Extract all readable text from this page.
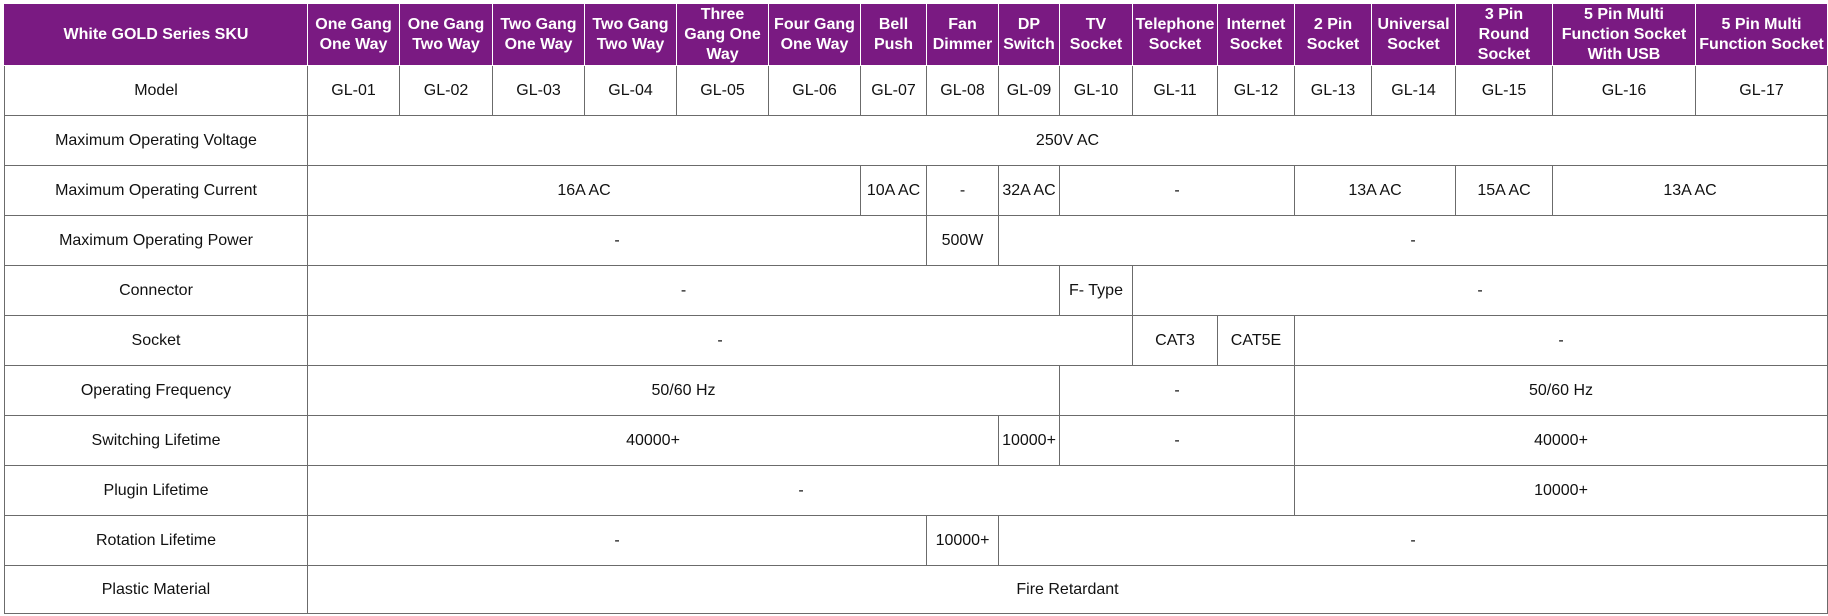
White GOLD Series SKU	One Gang One Way	One Gang Two Way	Two Gang One Way	Two Gang Two Way	Three Gang One Way	Four Gang One Way	Bell Push	Fan Dimmer	DP Switch	TV Socket	Telephone Socket	Internet Socket	2 Pin Socket	Universal Socket	3 Pin Round Socket	5 Pin Multi Function Socket With USB	5 Pin Multi Function Socket
Model	GL-01	GL-02	GL-03	GL-04	GL-05	GL-06	GL-07	GL-08	GL-09	GL-10	GL-11	GL-12	GL-13	GL-14	GL-15	GL-16	GL-17
Maximum Operating Voltage	250V AC																
Maximum Operating Current	16A AC						10A AC	-	32A AC	-			13A AC		15A AC	13A AC	
Maximum Operating Power	-							500W	-								
Connector	-									F- Type	-						
Socket	-										CAT3	CAT5E	-				
Operating Frequency	50/60 Hz									-			50/60 Hz				
Switching Lifetime	40000+								10000+	-			40000+				
Plugin Lifetime	-												10000+				
Rotation Lifetime	-							10000+	-								
Plastic Material	Fire Retardant																
